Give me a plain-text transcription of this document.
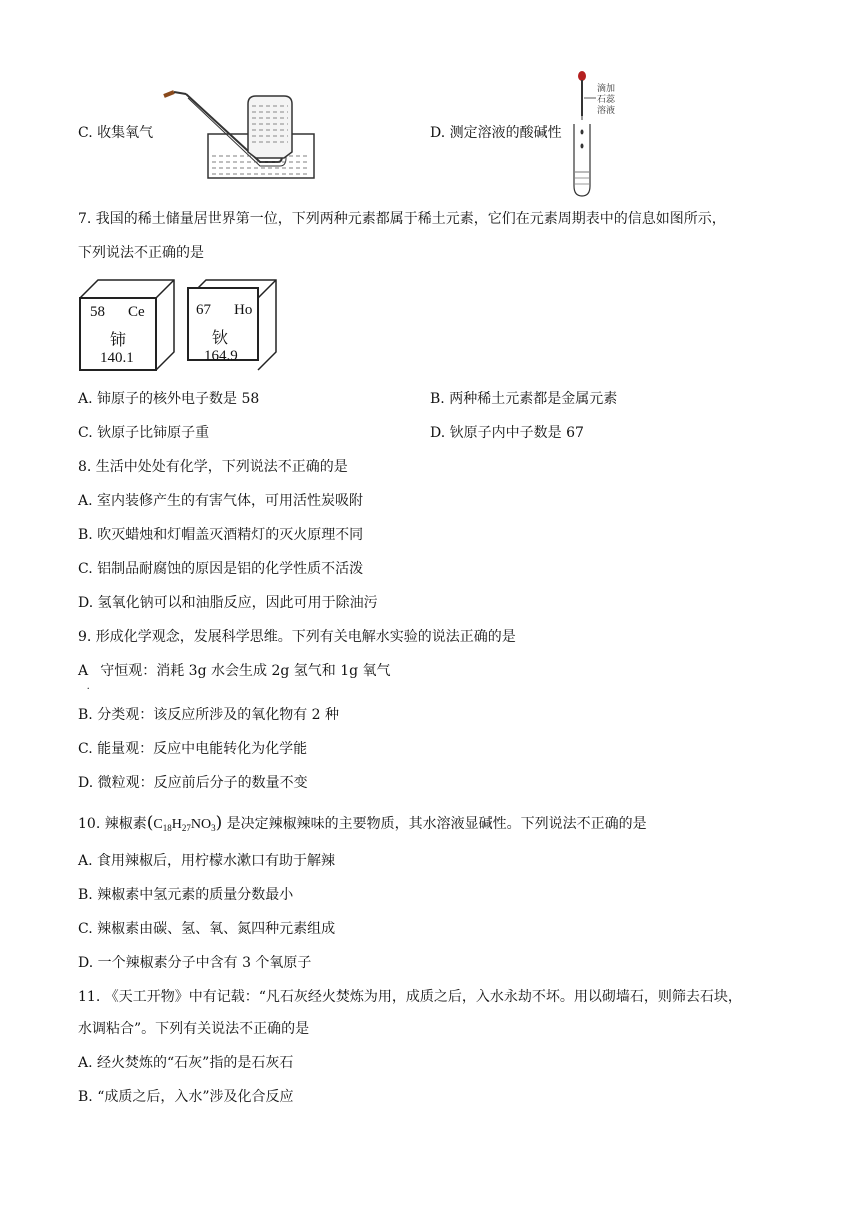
C. 收集氧气	D. 测定溶液的酸碱性
滴加
石蕊
溶液
7. 我国的稀土储量居世界第一位，下列两种元素都属于稀土元素，它们在元素周期表中的信息如图所示，
下列说法不正确的是
58 Ce
铈
140.1
67 Ho
钬
164.9
A. 铈原子的核外电子数是 58	B. 两种稀土元素都是金属元素
C. 钬原子比铈原子重	D. 钬原子内中子数是 67
8. 生活中处处有化学，下列说法不正确的是
A. 室内装修产生的有害气体，可用活性炭吸附
B. 吹灭蜡烛和灯帽盖灭酒精灯的灭火原理不同
C. 铝制品耐腐蚀的原因是铝的化学性质不活泼
D. 氢氧化钠可以和油脂反应，因此可用于除油污
9. 形成化学观念，发展科学思维。下列有关电解水实验的说法正确的是
A $_.$ 守恒观：消耗 3g 水会生成 2g 氢气和 1g 氧气
B. 分类观：该反应所涉及的氧化物有 2 种
C. 能量观：反应中电能转化为化学能
D. 微粒观：反应前后分子的数量不变
10. 辣椒素$(C_{18}H_{27}NO_3)$ 是决定辣椒辣味的主要物质，其水溶液显碱性。下列说法不正确的是
A. 食用辣椒后，用柠檬水漱口有助于解辣
B. 辣椒素中氢元素的质量分数最小
C. 辣椒素由碳、氢、氧、氮四种元素组成
D. 一个辣椒素分子中含有 3 个氧原子
11. 《天工开物》中有记载：“凡石灰经火焚炼为用，成质之后，入水永劫不坏。用以砌墙石，则筛去石块，
水调粘合”。下列有关说法不正确的是
A. 经火焚炼的“石灰”指的是石灰石
B. “成质之后，入水”涉及化合反应
